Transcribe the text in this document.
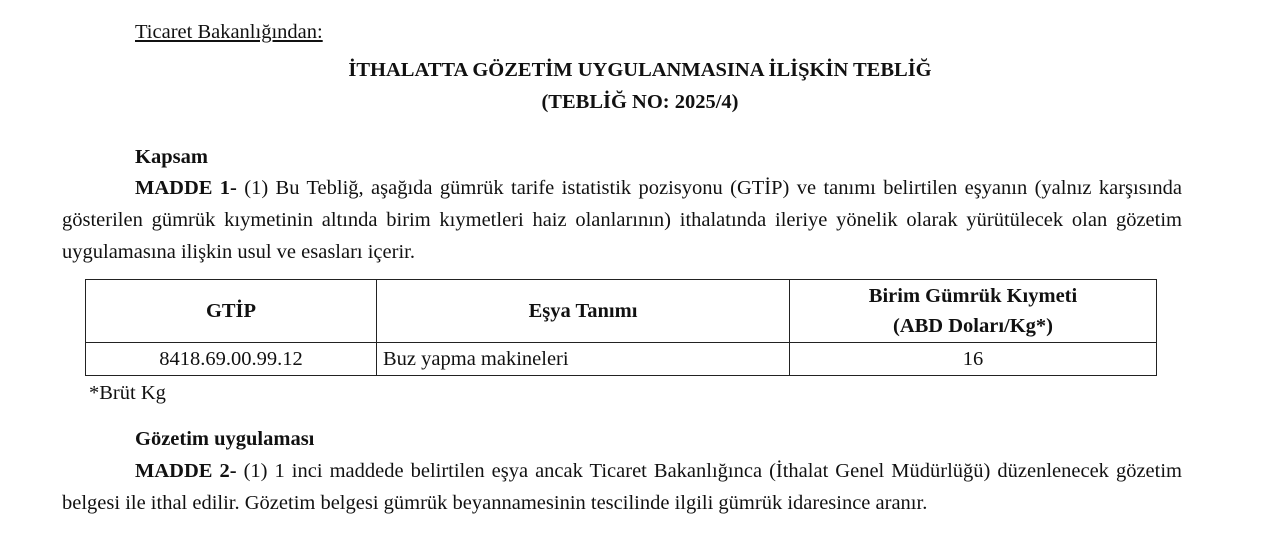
Ticaret Bakanlığından:
İTHALATTA GÖZETİM UYGULANMASINA İLİŞKİN TEBLİĞ
(TEBLİĞ NO: 2025/4)
Kapsam
MADDE 1- (1) Bu Tebliğ, aşağıda gümrük tarife istatistik pozisyonu (GTİP) ve tanımı belirtilen eşyanın (yalnız karşısında gösterilen gümrük kıymetinin altında birim kıymetleri haiz olanlarının) ithalatında ileriye yönelik olarak yürütülecek olan gözetim uygulamasına ilişkin usul ve esasları içerir.
GTİP	Eşya Tanımı	Birim Gümrük Kıymeti
(ABD Doları/Kg*)
8418.69.00.99.12	Buz yapma makineleri	16
*Brüt Kg
Gözetim uygulaması
MADDE 2- (1) 1 inci maddede belirtilen eşya ancak Ticaret Bakanlığınca (İthalat Genel Müdürlüğü) düzenlenecek gözetim belgesi ile ithal edilir. Gözetim belgesi gümrük beyannamesinin tescilinde ilgili gümrük idaresince aranır.
